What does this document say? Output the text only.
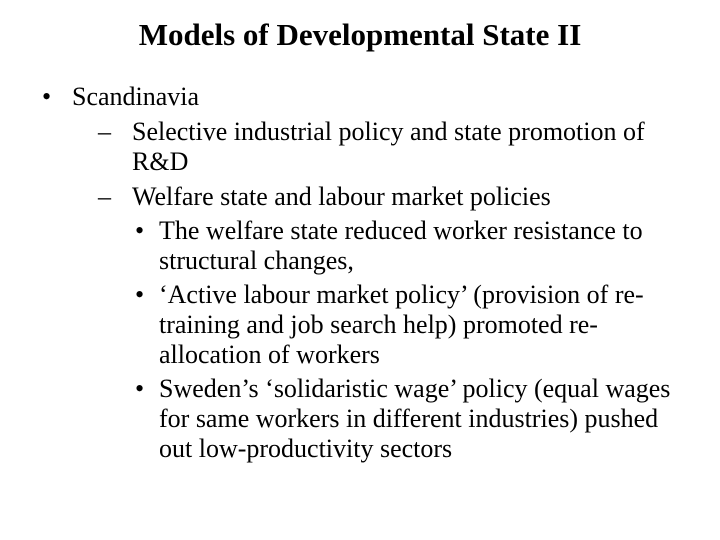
Models of Developmental State II
• Scandinavia
– Selective industrial policy and state promotion of R&D
– Welfare state and labour market policies
• The welfare state reduced worker resistance to structural changes,
• ‘Active labour market policy’ (provision of re-training and job search help) promoted re-allocation of workers
• Sweden’s ‘solidaristic wage’ policy (equal wages for same workers in different industries) pushed out low-productivity sectors
